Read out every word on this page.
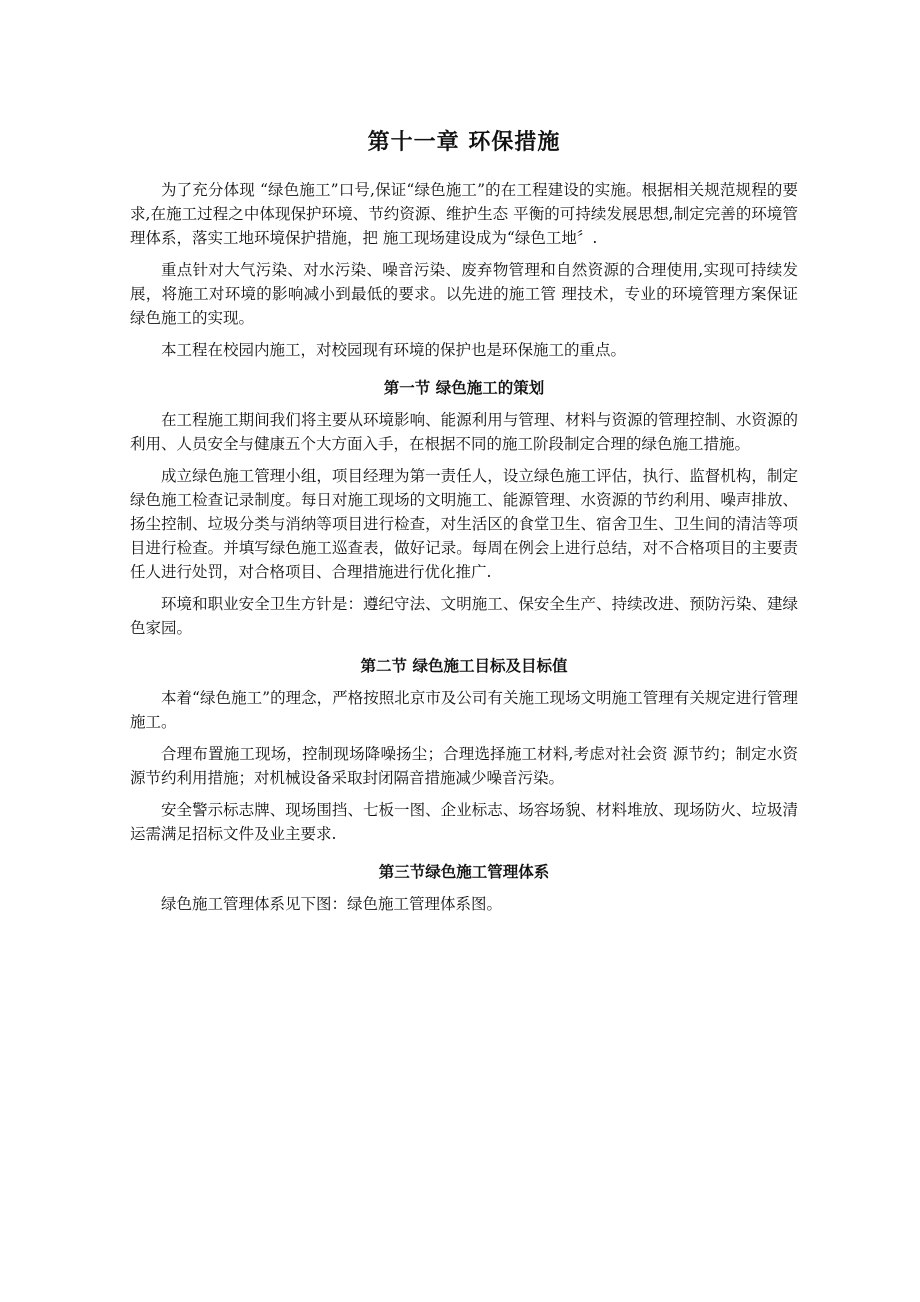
第十一章 环保措施

为了充分体现 “绿色施工”口号,保证“绿色施工”的在工程建设的实施。根据相关规范规程的要求,在施工过程之中体现保护环境、节约资源、维护生态 平衡的可持续发展思想,制定完善的环境管理体系，落实工地环境保护措施，把 施工现场建设成为“绿色工地〞.

重点针对大气污染、对水污染、噪音污染、废弃物管理和自然资源的合理使用,实现可持续发展，将施工对环境的影响减小到最低的要求。以先进的施工管 理技术，专业的环境管理方案保证绿色施工的实现。

本工程在校园内施工，对校园现有环境的保护也是环保施工的重点。

第一节 绿色施工的策划

在工程施工期间我们将主要从环境影响、能源利用与管理、材料与资源的管理控制、水资源的利用、人员安全与健康五个大方面入手，在根据不同的施工阶段制定合理的绿色施工措施。

成立绿色施工管理小组，项目经理为第一责任人，设立绿色施工评估，执行、监督机构，制定绿色施工检查记录制度。每日对施工现场的文明施工、能源管理、水资源的节约利用、噪声排放、扬尘控制、垃圾分类与消纳等项目进行检查，对生活区的食堂卫生、宿舍卫生、卫生间的清洁等项目进行检查。并填写绿色施工巡查表，做好记录。每周在例会上进行总结，对不合格项目的主要责任人进行处罚，对合格项目、合理措施进行优化推广.

环境和职业安全卫生方针是：遵纪守法、文明施工、保安全生产、持续改进、预防污染、建绿色家园。

第二节 绿色施工目标及目标值

本着“绿色施工”的理念，严格按照北京市及公司有关施工现场文明施工管理有关规定进行管理施工。

合理布置施工现场，控制现场降噪扬尘；合理选择施工材料,考虑对社会资 源节约；制定水资源节约利用措施；对机械设备采取封闭隔音措施减少噪音污染。

安全警示标志牌、现场围挡、七板一图、企业标志、场容场貌、材料堆放、现场防火、垃圾清运需满足招标文件及业主要求.

第三节绿色施工管理体系

绿色施工管理体系见下图：绿色施工管理体系图。
